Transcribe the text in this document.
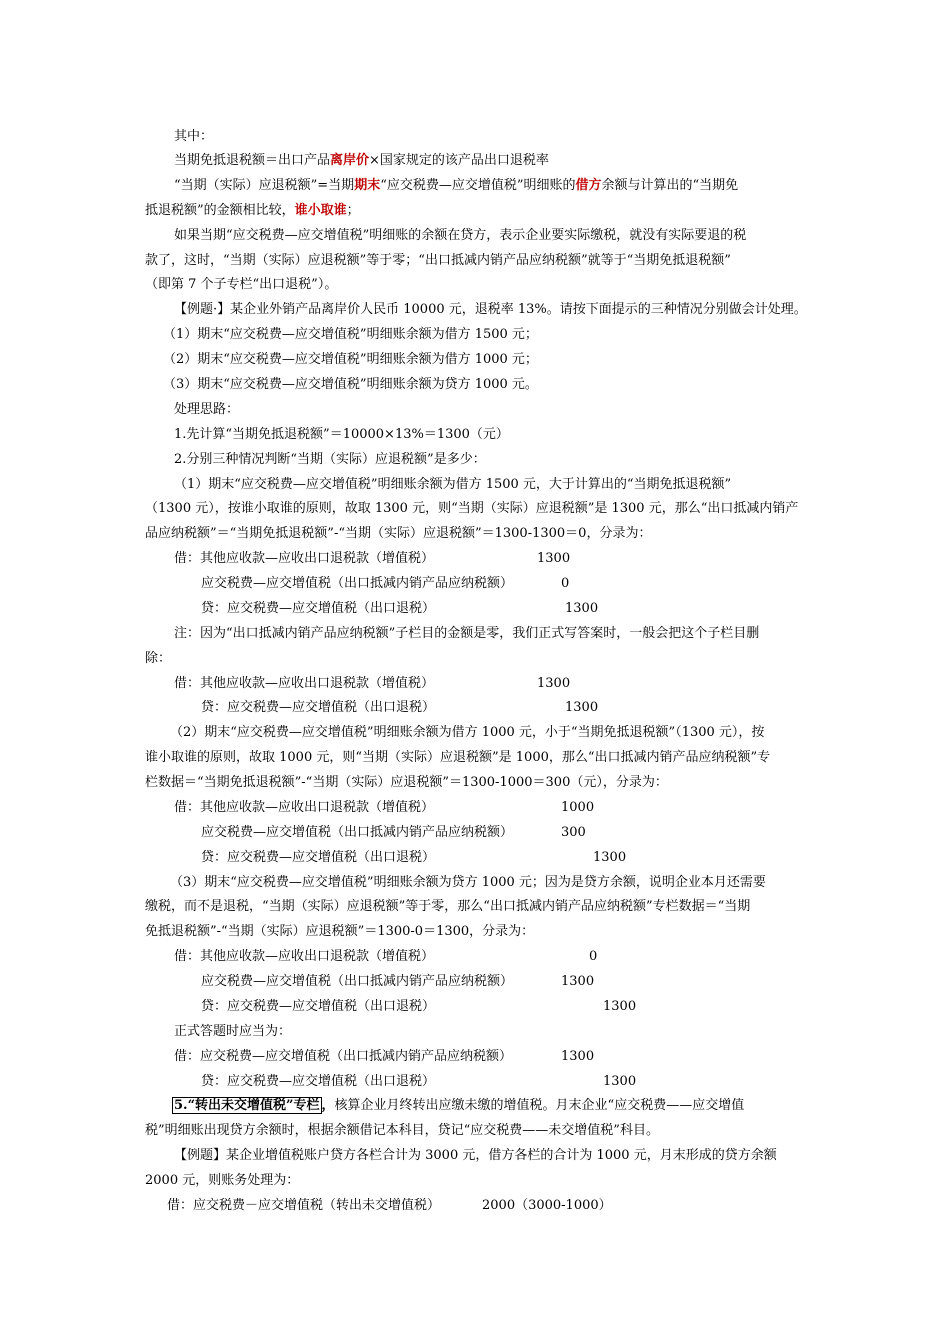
其中：
当期免抵退税额＝出口产品离岸价×国家规定的该产品出口退税率
“当期（实际）应退税额”=当期期末“应交税费—应交增值税”明细账的借方余额与计算出的“当期免
抵退税额”的金额相比较，谁小取谁；
如果当期“应交税费—应交增值税”明细账的余额在贷方，表示企业要实际缴税，就没有实际要退的税
款了，这时，“当期（实际）应退税额”等于零；“出口抵减内销产品应纳税额”就等于“当期免抵退税额”
（即第 7 个子专栏“出口退税”）。
【例题·】某企业外销产品离岸价人民币 10000 元，退税率 13%。请按下面提示的三种情况分别做会计处理。
（1）期末“应交税费—应交增值税”明细账余额为借方 1500 元；
（2）期末“应交税费—应交增值税”明细账余额为借方 1000 元；
（3）期末“应交税费—应交增值税”明细账余额为贷方 1000 元。
处理思路：
1.先计算“当期免抵退税额”＝10000×13%＝1300（元）
2.分别三种情况判断“当期（实际）应退税额”是多少：
（1）期末“应交税费—应交增值税”明细账余额为借方 1500 元，大于计算出的“当期免抵退税额”
（1300 元），按谁小取谁的原则，故取 1300 元，则“当期（实际）应退税额”是 1300 元，那么“出口抵减内销产
品应纳税额”＝“当期免抵退税额”-“当期（实际）应退税额”＝1300-1300＝0，分录为：
借：其他应收款—应收出口退税款（增值税）	1300
应交税费—应交增值税（出口抵减内销产品应纳税额）	0
贷：应交税费—应交增值税（出口退税）	1300
注：因为“出口抵减内销产品应纳税额”子栏目的金额是零，我们正式写答案时，一般会把这个子栏目删
除：
借：其他应收款—应收出口退税款（增值税）	1300
贷：应交税费—应交增值税（出口退税）	1300
（2）期末“应交税费—应交增值税”明细账余额为借方 1000 元，小于“当期免抵退税额”（1300 元），按
谁小取谁的原则，故取 1000 元，则“当期（实际）应退税额”是 1000，那么“出口抵减内销产品应纳税额”专
栏数据＝“当期免抵退税额”-“当期（实际）应退税额”＝1300-1000＝300（元），分录为：
借：其他应收款—应收出口退税款（增值税）	1000
应交税费—应交增值税（出口抵减内销产品应纳税额）	300
贷：应交税费—应交增值税（出口退税）	1300
（3）期末“应交税费—应交增值税”明细账余额为贷方 1000 元；因为是贷方余额，说明企业本月还需要
缴税，而不是退税，“当期（实际）应退税额”等于零，那么“出口抵减内销产品应纳税额”专栏数据＝“当期
免抵退税额”-“当期（实际）应退税额”＝1300-0＝1300，分录为：
借：其他应收款—应收出口退税款（增值税）	0
应交税费—应交增值税（出口抵减内销产品应纳税额）	1300
贷：应交税费—应交增值税（出口退税）	1300
正式答题时应当为：
借：应交税费—应交增值税（出口抵减内销产品应纳税额）	1300
贷：应交税费—应交增值税（出口退税）	1300
5.“转出未交增值税”专栏 ，核算企业月终转出应缴未缴的增值税。月末企业“应交税费——应交增值
税”明细账出现贷方余额时，根据余额借记本科目，贷记“应交税费——未交增值税”科目。
【例题】某企业增值税账户贷方各栏合计为 3000 元，借方各栏的合计为 1000 元，月末形成的贷方余额
2000 元，则账务处理为：
借：应交税费－应交增值税（转出未交增值税）	2000（3000-1000）
